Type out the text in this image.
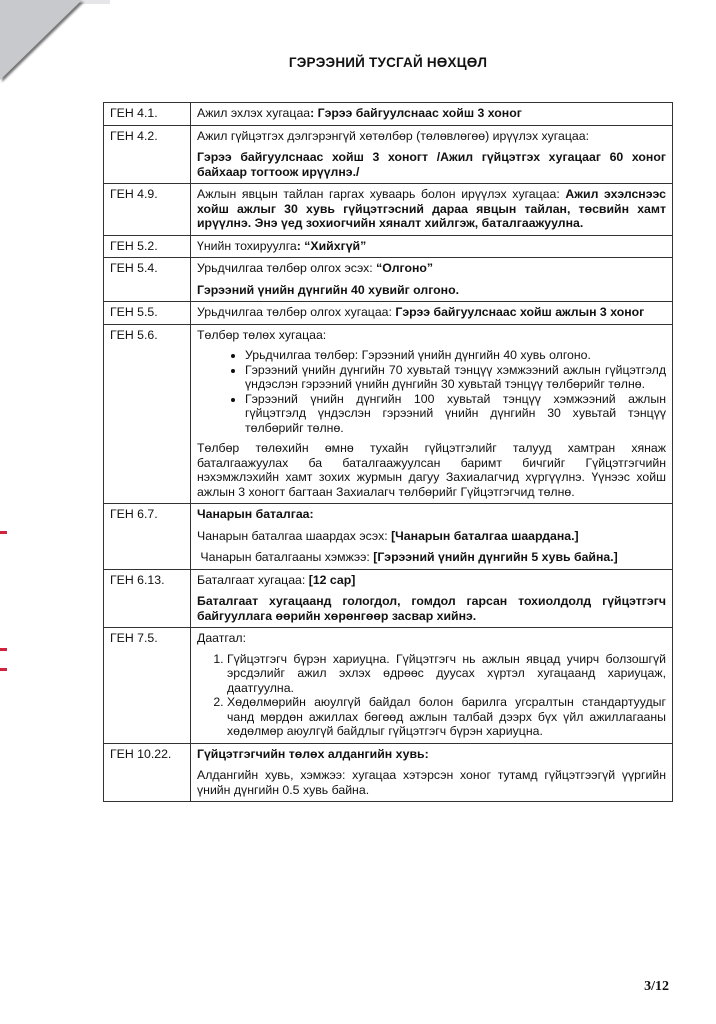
ГЭРЭЭНИЙ ТУСГАЙ НӨХЦӨЛ
ГЕН 4.1.	Ажил эхлэх хугацаа: Гэрээ байгуулснаас хойш 3 хоног

ГЕН 4.2.	Ажил гүйцэтгэх дэлгэрэнгүй хөтөлбөр (төлөвлөгөө) ирүүлэх хугацаа:

Гэрээ байгуулснаас хойш 3 хоногт /Ажил гүйцэтгэх хугацааг 60 хоног байхаар тогтоож ирүүлнэ./

ГЕН 4.9.	Ажлын явцын тайлан гаргах хуваарь болон ирүүлэх хугацаа: Ажил эхэлснээс хойш ажлыг 30 хувь гүйцэтгэсний дараа явцын тайлан, төсвийн хамт ирүүлнэ. Энэ үед зохиогчийн хяналт хийлгэж, баталгаажуулна.

ГЕН 5.2.	Үнийн тохируулга: “Хийхгүй”

ГЕН 5.4.	Урьдчилгаа төлбөр олгох эсэх: “Олгоно”

Гэрээний үнийн дүнгийн 40 хувийг олгоно.

ГЕН 5.5.	Урьдчилгаа төлбөр олгох хугацаа: Гэрээ байгуулснаас хойш ажлын 3 хоног

ГЕН 5.6.	Төлбөр төлөх хугацаа:

• Урьдчилгаа төлбөр: Гэрээний үнийн дүнгийн 40 хувь олгоно.
• Гэрээний үнийн дүнгийн 70 хувьтай тэнцүү хэмжээний ажлын гүйцэтгэлд үндэслэн гэрээний үнийн дүнгийн 30 хувьтай тэнцүү төлбөрийг төлнө.
• Гэрээний үнийн дүнгийн 100 хувьтай тэнцүү хэмжээний ажлын гүйцэтгэлд үндэслэн гэрээний үнийн дүнгийн 30 хувьтай тэнцүү төлбөрийг төлнө.

Төлбөр төлөхийн өмнө тухайн гүйцэтгэлийг талууд хамтран хянаж баталгаажуулах ба баталгаажуулсан баримт бичгийг Гүйцэтгэгчийн нэхэмжлэхийн хамт зохих журмын дагуу Захиалагчид хүргүүлнэ. Үүнээс хойш ажлын 3 хоногт багтаан Захиалагч төлбөрийг Гүйцэтгэгчид төлнө.

ГЕН 6.7.	Чанарын баталгаа:

Чанарын баталгаа шаардах эсэх: [Чанарын баталгаа шаардана.]

Чанарын баталгааны хэмжээ: [Гэрээний үнийн дүнгийн 5 хувь байна.]

ГЕН 6.13.	Баталгаат хугацаа: [12 сар]

Баталгаат хугацаанд гологдол, гомдол гарсан тохиолдолд гүйцэтгэгч байгууллага өөрийн хөрөнгөөр засвар хийнэ.

ГЕН 7.5.	Даатгал:

1. Гүйцэтгэгч бүрэн хариуцна. Гүйцэтгэгч нь ажлын явцад учирч болзошгүй эрсдэлийг ажил эхлэх өдрөөс дуусах хүртэл хугацаанд хариуцаж, даатгуулна.
2. Хөдөлмөрийн аюулгүй байдал болон барилга угсралтын стандартуудыг чанд мөрдөн ажиллах бөгөөд ажлын талбай дээрх бүх үйл ажиллагааны хөдөлмөр аюулгүй байдлыг гүйцэтгэгч бүрэн хариуцна.

ГЕН 10.22.	Гүйцэтгэгчийн төлөх алдангийн хувь:

Алдангийн хувь, хэмжээ: хугацаа хэтэрсэн хоног тутамд гүйцэтгээгүй үүргийн үнийн дүнгийн 0.5 хувь байна.

3/12
